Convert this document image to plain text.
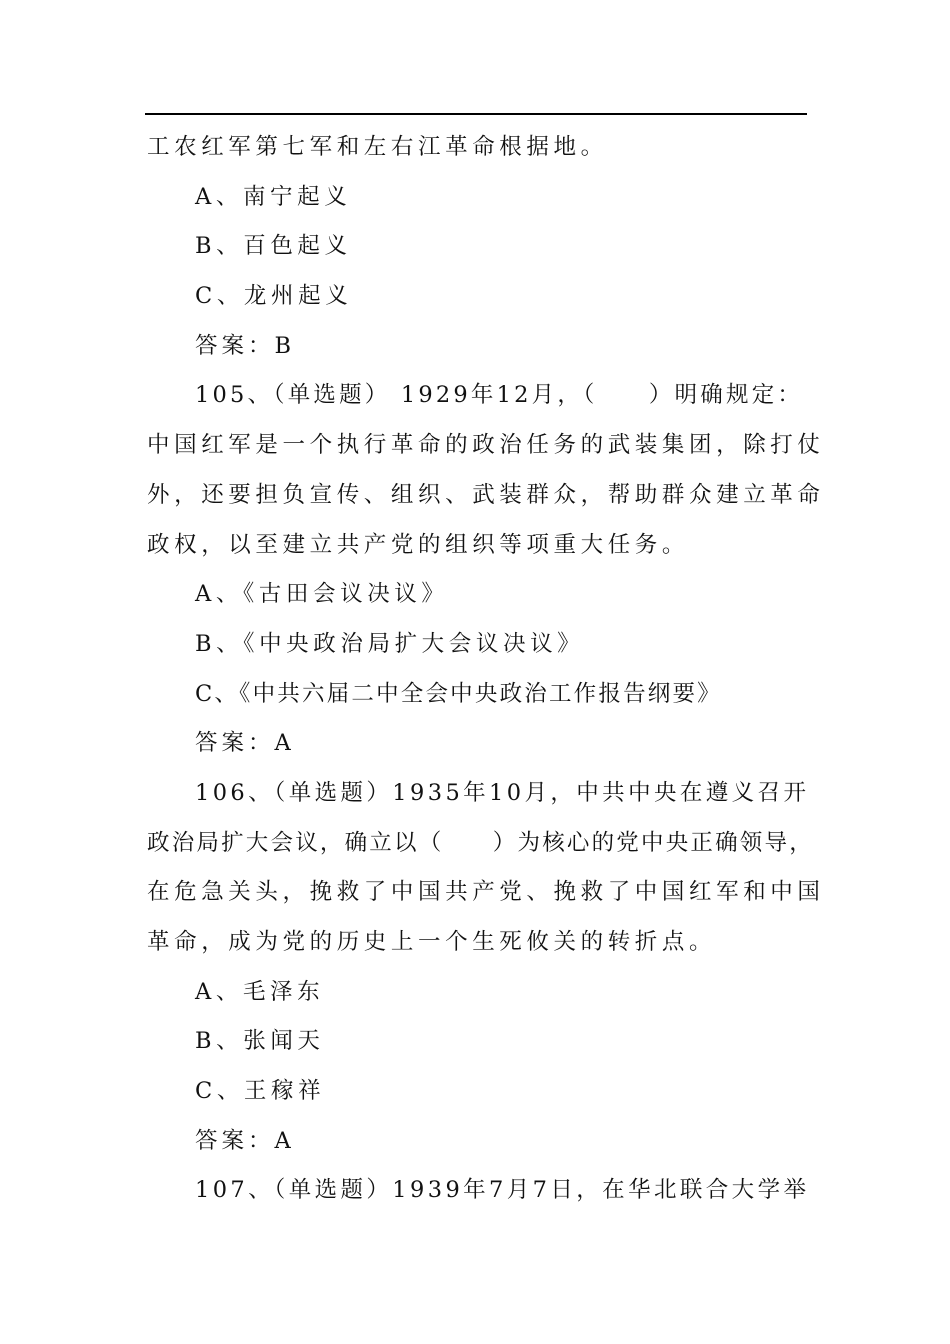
工农红军第七军和左右江革命根据地。
A、南宁起义
B、百色起义
C、龙州起义
答案：B
105、（单选题） 1929年12月，（　　）明确规定：
中国红军是一个执行革命的政治任务的武装集团，除打仗
外，还要担负宣传、组织、武装群众，帮助群众建立革命
政权，以至建立共产党的组织等项重大任务。
A、《古田会议决议》
B、《中央政治局扩大会议决议》
C、《中共六届二中全会中央政治工作报告纲要》
答案：A
106、（单选题）1935年10月，中共中央在遵义召开
政治局扩大会议，确立以（　　）为核心的党中央正确领导，
在危急关头，挽救了中国共产党、挽救了中国红军和中国
革命，成为党的历史上一个生死攸关的转折点。
A、毛泽东
B、张闻天
C、王稼祥
答案：A
107、（单选题）1939年7月7日，在华北联合大学举
